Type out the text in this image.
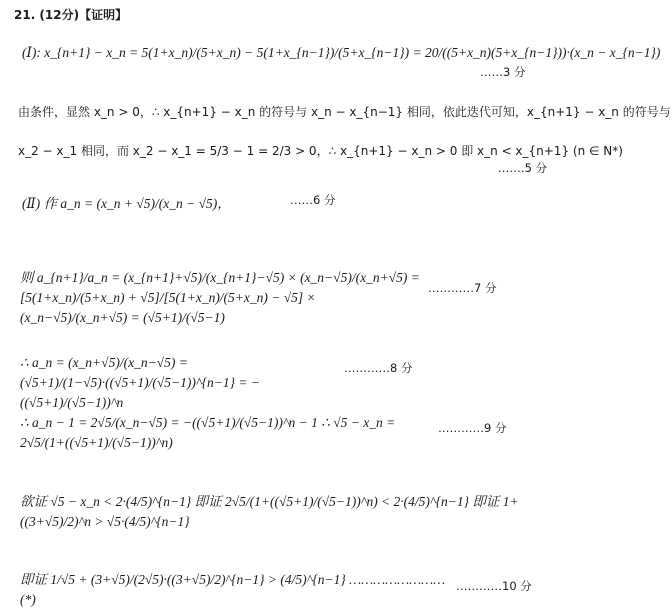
21. (12分)【证明】
(Ⅰ): x_{n+1} − x_n = 5(1+x_n)/(5+x_n) − 5(1+x_{n−1})/(5+x_{n−1}) = 20/((5+x_n)(5+x_{n−1}))·(x_n − x_{n−1})
……3 分
由条件，显然 x_n > 0，∴ x_{n+1} − x_n 的符号与 x_n − x_{n−1} 相同，依此迭代可知，x_{n+1} − x_n 的符号与
x_2 − x_1 相同，而 x_2 − x_1 = 5/3 − 1 = 2/3 > 0，∴ x_{n+1} − x_n > 0 即 x_n < x_{n+1} (n ∈ N*)
.……5 分
(Ⅱ) 作 a_n = (x_n + √5)/(x_n − √5)，	……6 分
则 a_{n+1}/a_n = (x_{n+1}+√5)/(x_{n+1}−√5) × (x_n−√5)/(x_n+√5) = [5(1+x_n)/(5+x_n) + √5]/[5(1+x_n)/(5+x_n) − √5] × (x_n−√5)/(x_n+√5) = (√5+1)/(√5−1)
…………7 分
∴ a_n = (x_n+√5)/(x_n−√5) = (√5+1)/(1−√5)·((√5+1)/(√5−1))^{n−1} = −((√5+1)/(√5−1))^n
…………8 分
∴ a_n − 1 = 2√5/(x_n−√5) = −((√5+1)/(√5−1))^n − 1 ∴ √5 − x_n = 2√5/(1+((√5+1)/(√5−1))^n)
…………9 分
欲证 √5 − x_n < 2·(4/5)^{n−1} 即证 2√5/(1+((√5+1)/(√5−1))^n) < 2·(4/5)^{n−1} 即证 1+((3+√5)/2)^n > √5·(4/5)^{n−1}
即证 1/√5 + (3+√5)/(2√5)·((3+√5)/2)^{n−1} > (4/5)^{n−1} …………………… (*)
…………10 分
